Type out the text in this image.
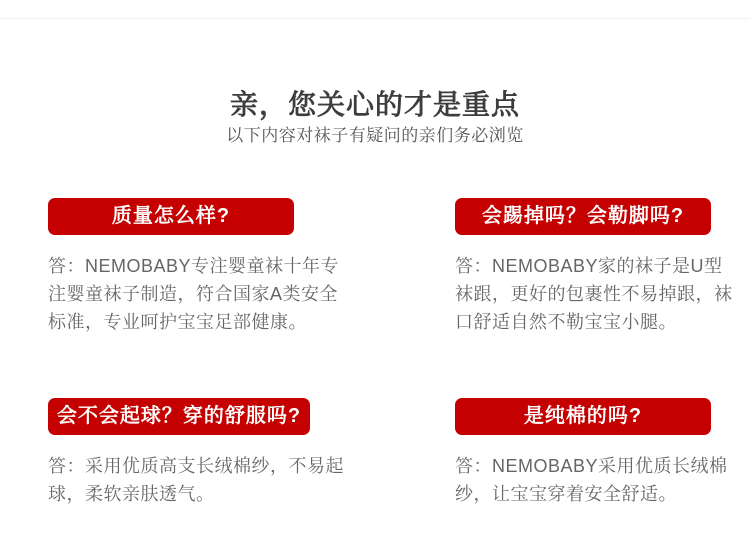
亲，您关心的才是重点
以下内容对袜子有疑问的亲们务必浏览
质量怎么样?
答：NEMOBABY专注婴童袜十年专注婴童袜子制造，符合国家A类安全标准，专业呵护宝宝足部健康。
会踢掉吗？会勒脚吗?
答：NEMOBABY家的袜子是U型袜跟，更好的包裹性不易掉跟，袜口舒适自然不勒宝宝小腿。
会不会起球？穿的舒服吗?
答：采用优质高支长绒棉纱，不易起球，柔软亲肤透气。
是纯棉的吗?
答：NEMOBABY采用优质长绒棉纱，让宝宝穿着安全舒适。
